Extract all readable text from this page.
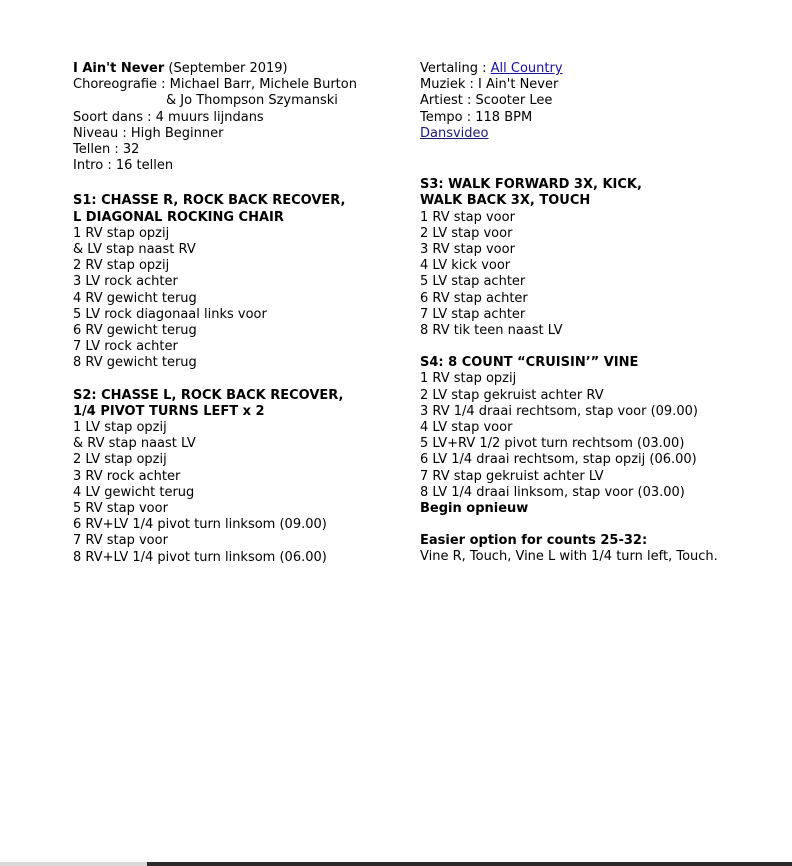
I Ain't Never (September 2019)
Choreografie : Michael Barr, Michele Burton
& Jo Thompson Szymanski
Soort dans : 4 muurs lijndans
Niveau : High Beginner
Tellen : 32
Intro : 16 tellen
S1: CHASSE R, ROCK BACK RECOVER,
L DIAGONAL ROCKING CHAIR
1 RV stap opzij
& LV stap naast RV
2 RV stap opzij
3 LV rock achter
4 RV gewicht terug
5 LV rock diagonaal links voor
6 RV gewicht terug
7 LV rock achter
8 RV gewicht terug
S2: CHASSE L, ROCK BACK RECOVER,
1/4 PIVOT TURNS LEFT x 2
1 LV stap opzij
& RV stap naast LV
2 LV stap opzij
3 RV rock achter
4 LV gewicht terug
5 RV stap voor
6 RV+LV 1/4 pivot turn linksom (09.00)
7 RV stap voor
8 RV+LV 1/4 pivot turn linksom (06.00)
Vertaling : All Country
Muziek : I Ain't Never
Artiest : Scooter Lee
Tempo : 118 BPM
Dansvideo

S3: WALK FORWARD 3X, KICK,
WALK BACK 3X, TOUCH
1 RV stap voor
2 LV stap voor
3 RV stap voor
4 LV kick voor
5 LV stap achter
6 RV stap achter
7 LV stap achter
8 RV tik teen naast LV
S4: 8 COUNT “CRUISIN’” VINE
1 RV stap opzij
2 LV stap gekruist achter RV
3 RV 1/4 draai rechtsom, stap voor (09.00)
4 LV stap voor
5 LV+RV 1/2 pivot turn rechtsom (03.00)
6 LV 1/4 draai rechtsom, stap opzij (06.00)
7 RV stap gekruist achter LV
8 LV 1/4 draai linksom, stap voor (03.00)
Begin opnieuw
Easier option for counts 25-32:
Vine R, Touch, Vine L with 1/4 turn left, Touch.
